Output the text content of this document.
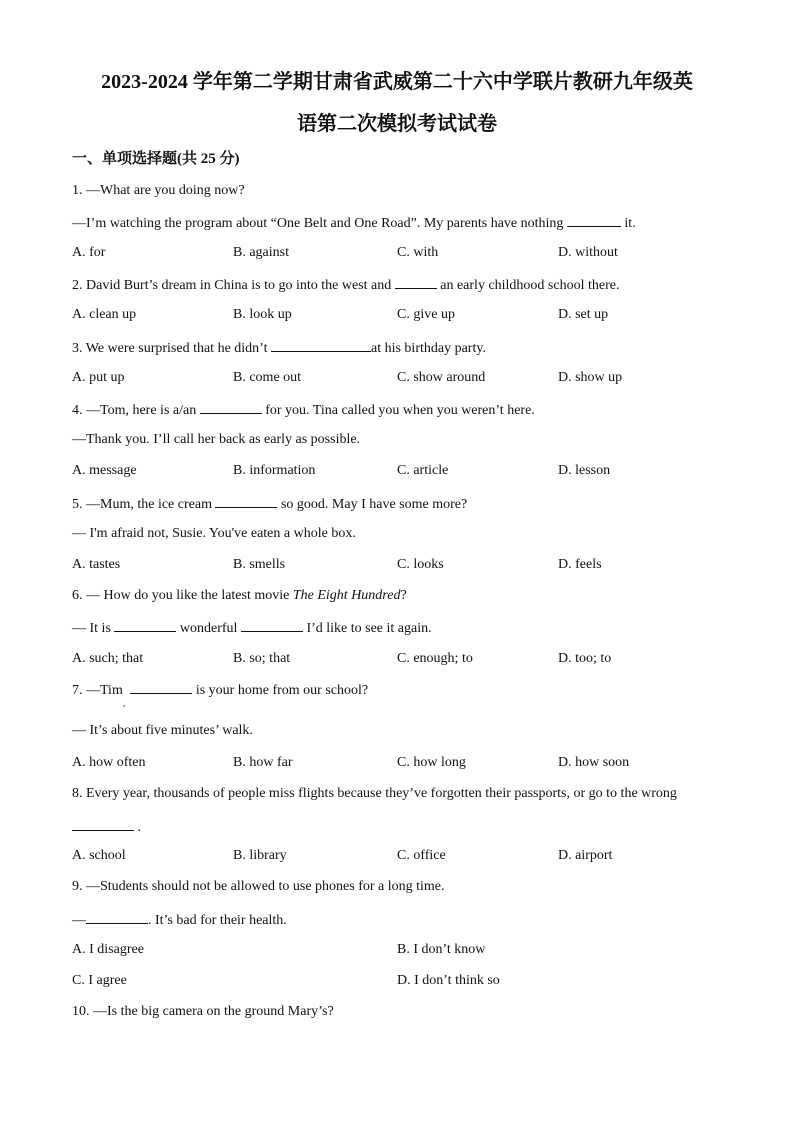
2023-2024 学年第二学期甘肃省武威第二十六中学联片教研九年级英
语第二次模拟考试试卷
一、单项选择题(共 25 分)
1. —What are you doing now?
—I’m watching the program about “One Belt and One Road”. My parents have nothing	it.
A. for	B. against	C. with	D. without
2. David Burt’s dream in China is to go into the west and	an early childhood school there.
A. clean up	B. look up	C. give up	D. set up
3. We were surprised that he didn’t	at his birthday party.
A. put up	B. come out	C. show around	D. show up
4. —Tom, here is a/an	for you. Tina called you when you weren’t here.
—Thank you. I’ll call her back as early as possible.
A. message	B. information	C. article	D. lesson
5. —Mum, the ice cream	so good. May I have some more?
— I'm afraid not, Susie. You've eaten a whole box.
A. tastes	B. smells	C. looks	D. feels
6. — How do you like the latest movie The Eight Hundred?
— It is	wonderful	I’d like to see it again.
A. such; that	B. so; that	C. enough; to	D. too; to
7. —Tim	is your home from our school?
,
— It’s about five minutes’ walk.
A. how often	B. how far	C. how long	D. how soon
8. Every year, thousands of people miss flights because they’ve forgotten their passports, or go to the wrong
.
A. school	B. library	C. office	D. airport
9. —Students should not be allowed to use phones for a long time.
—	. It’s bad for their health.
A. I disagree	B. I don’t know
C. I agree	D. I don’t think so
10. —Is the big camera on the ground Mary’s?
